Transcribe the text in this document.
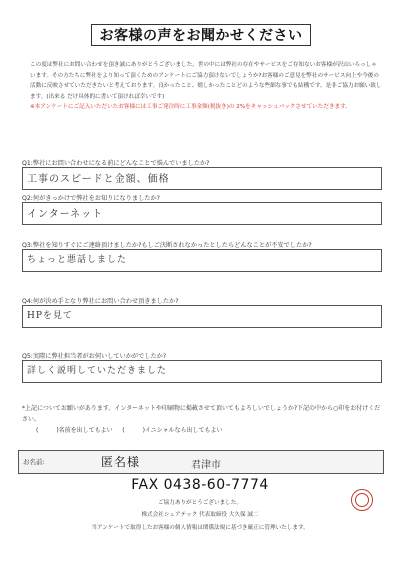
お客様の声をお聞かせください
この度は弊社にお問い合わせを頂き誠にありがとうございました。世の中には弊社の存在やサービスをご存知ないお客様が沢山いらっしゃいます。その方たちに弊社をより知って頂くためのアンケートにご協力頂けないでしょうか?お客様のご意見を弊社のサービス向上や今後の活動に反映させていただきたいと考えております。良かったこと、嬉しかったことどのような些細な事でも結構です。是非ご協力お願い致します。(出来る だけ具体的に書いて頂ければ幸いです)
※本アンケートにご記入いただいたお客様には工事ご発注時に工事金額(税抜き)の 2%をキャッシュバックさせていただきます。
Q1:弊社にお問い合わせになる前にどんなことで悩んでいましたか?
工事のスピードと金額、価格
Q2:何がきっかけで弊社をお知りになりましたか?
インターネット
Q3:弊社を知りすぐにご連絡頂けましたか?もしご決断されなかったとしたらどんなことが不安でしたか?
ちょっと悪話しました
Q4:何が決め手となり弊社にお問い合わせ頂きましたか?
HPを見て
Q5:実際に弊社担当者がお伺いしていかがでしたか?
詳しく説明していただきました
*上記についてお願いがあります。インターネットや印刷物に掲載させて頂いてもよろしいでしょうか?下記の中から○印をお付けください。
(	)名前を出してもよい (	)イニシャルなら出してもよい
お名前:	匿名様	君津市
FAX 0438-60-7774
ご協力ありがとうございました。
株式会社シェアテック 代表取締役 大久保 誠二
当アンケートで取得したお客様の個人情報は関係法規に基づき厳正に管理いたします。
